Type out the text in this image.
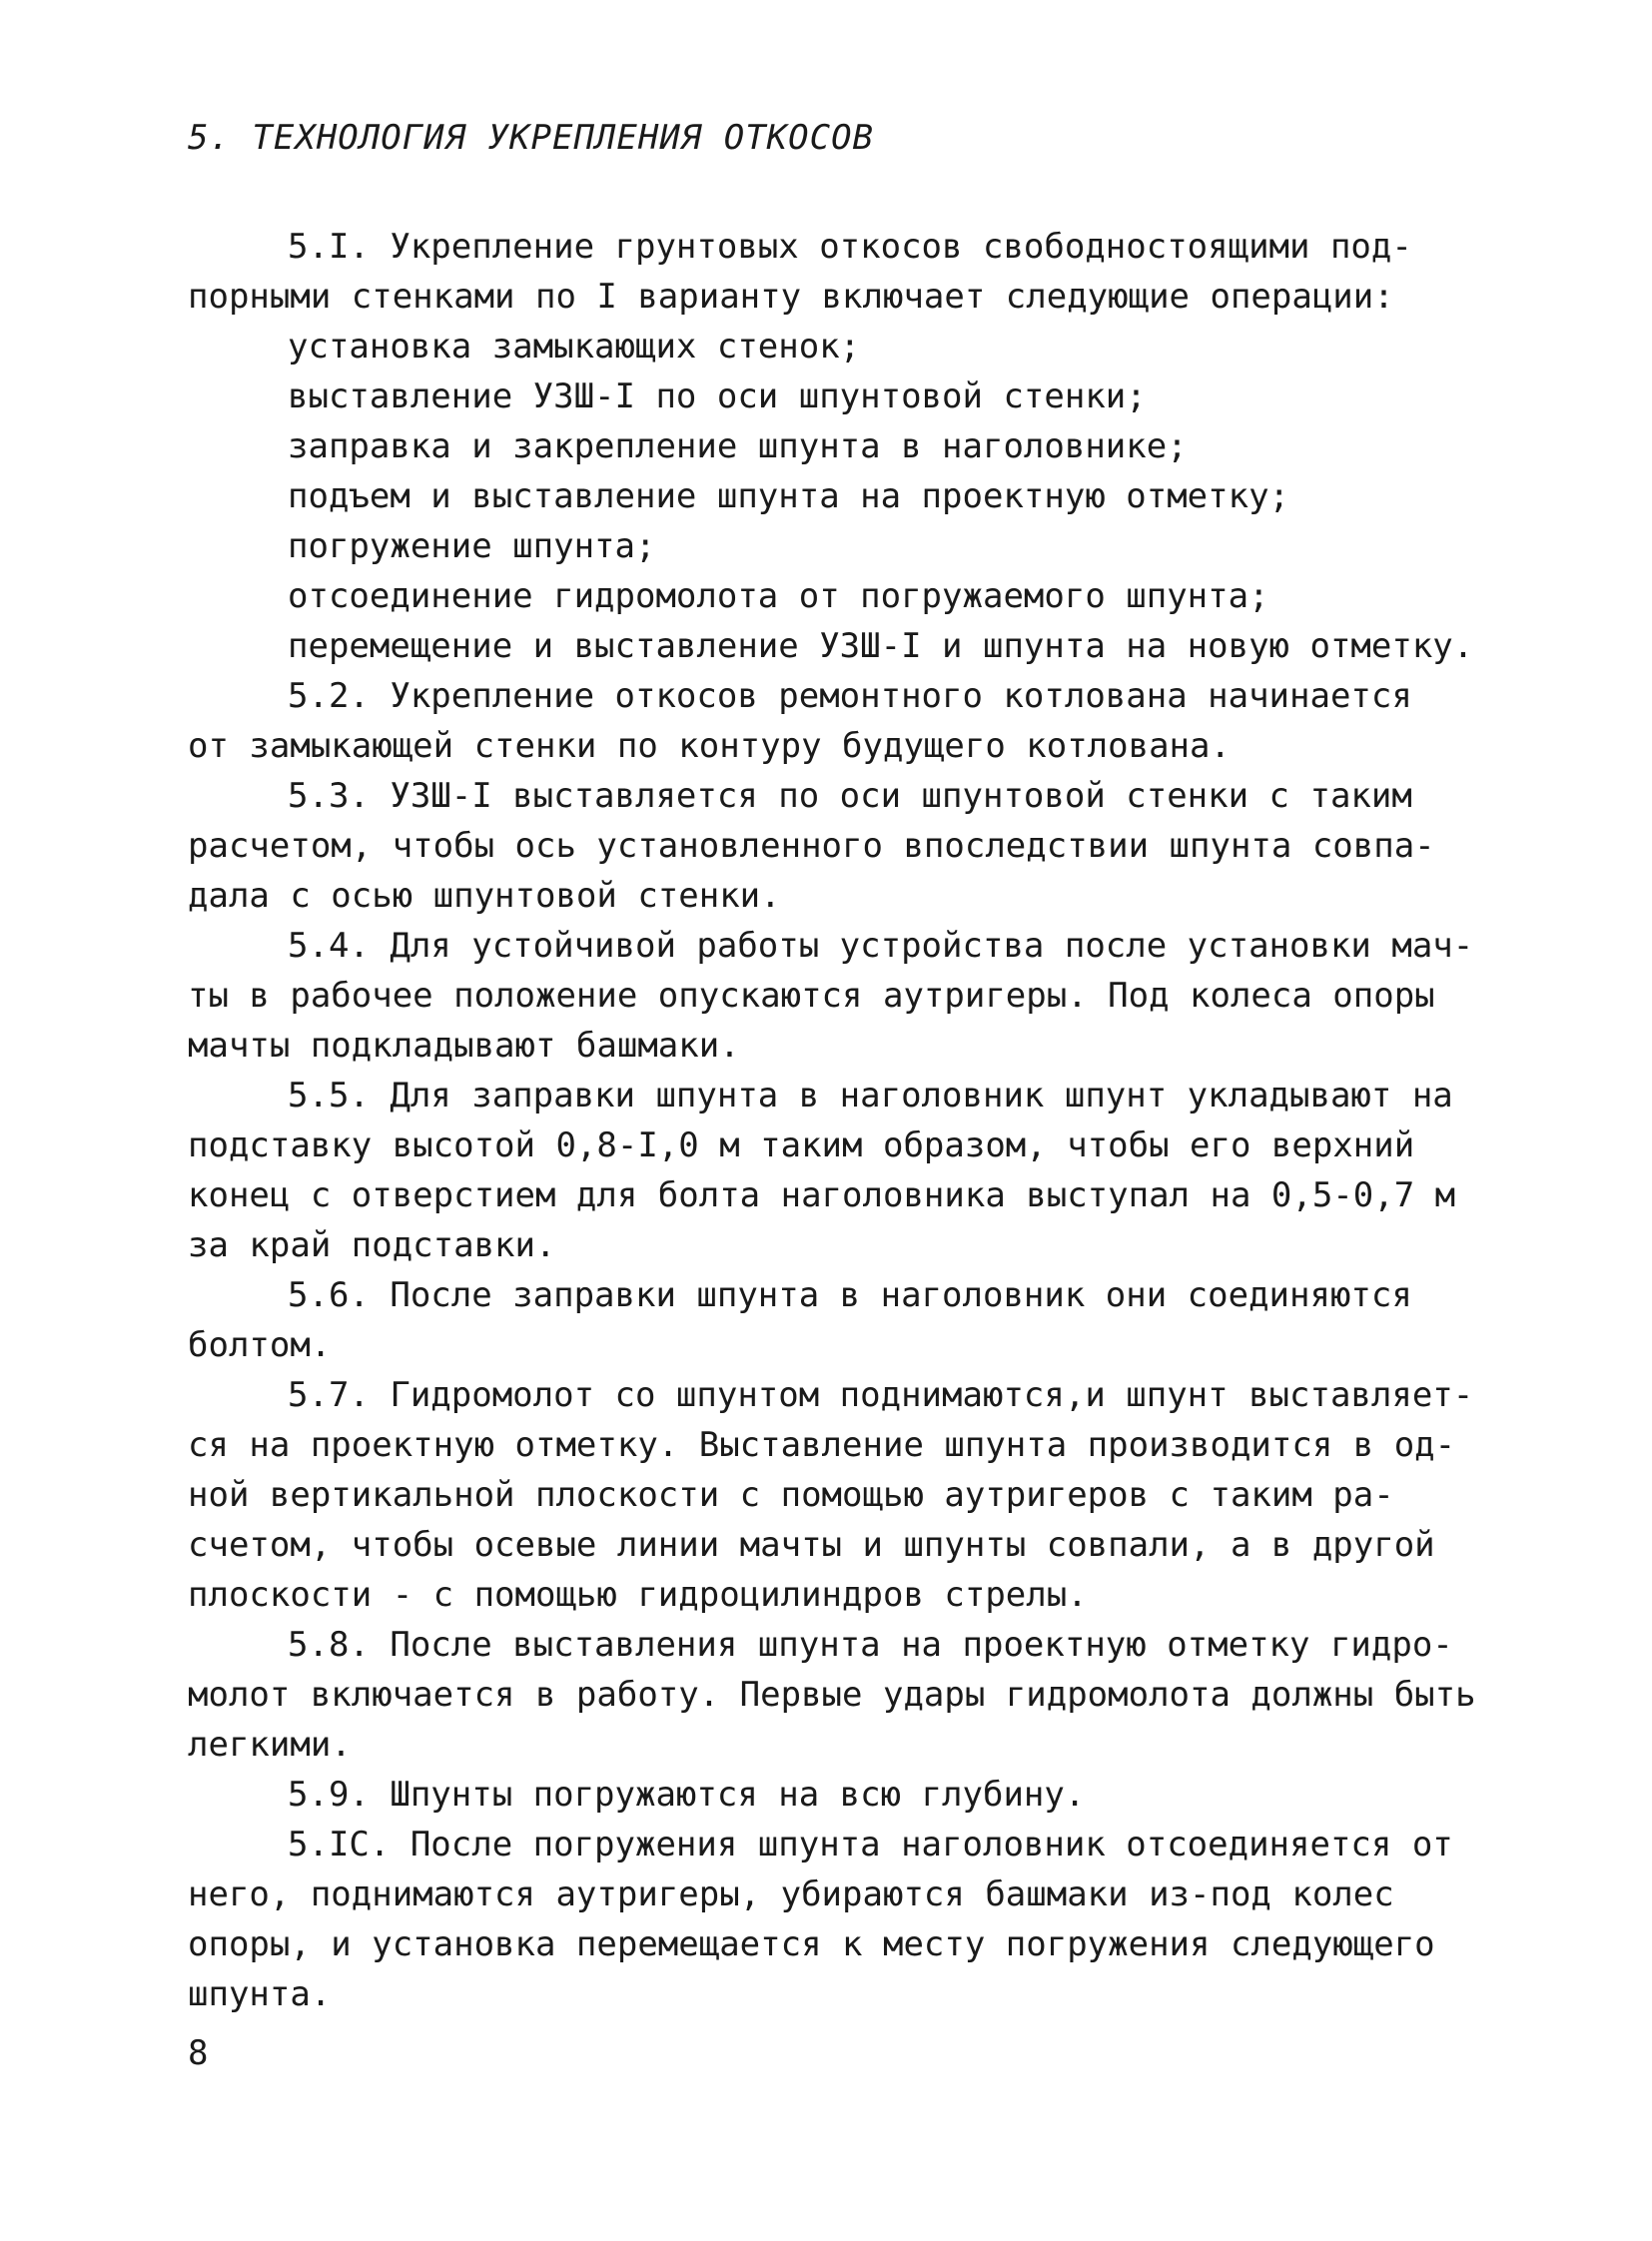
5. ТЕХНОЛОГИЯ УКРЕПЛЕНИЯ ОТКОСОВ
5.I. Укрепление грунтовых откосов свободностоящими под-
порными стенками по I варианту включает следующие операции:
установка замыкающих стенок;
выставление УЗШ-I по оси шпунтовой стенки;
заправка и закрепление шпунта в наголовнике;
подъем и выставление шпунта на проектную отметку;
погружение шпунта;
отсоединение гидромолота от погружаемого шпунта;
перемещение и выставление УЗШ-I и шпунта на новую отметку.
5.2. Укрепление откосов ремонтного котлована начинается
от замыкающей стенки по контуру будущего котлована.
5.3. УЗШ-I выставляется по оси шпунтовой стенки с таким
расчетом, чтобы ось установленного впоследствии шпунта совпа-
дала с осью шпунтовой стенки.
5.4. Для устойчивой работы устройства после установки мач-
ты в рабочее положение опускаются аутригеры. Под колеса опоры
мачты подкладывают башмаки.
5.5. Для заправки шпунта в наголовник шпунт укладывают на
подставку высотой 0,8-I,0 м таким образом, чтобы его верхний
конец с отверстием для болта наголовника выступал на 0,5-0,7 м
за край подставки.
5.6. После заправки шпунта в наголовник они соединяются
болтом.
5.7. Гидромолот со шпунтом поднимаются,и шпунт выставляет-
ся на проектную отметку. Выставление шпунта производится в од-
ной вертикальной плоскости с помощью аутригеров с таким ра-
счетом, чтобы осевые линии мачты и шпунты совпали, а в другой
плоскости - с помощью гидроцилиндров стрелы.
5.8. После выставления шпунта на проектную отметку гидро-
молот включается в работу. Первые удары гидромолота должны быть
легкими.
5.9. Шпунты погружаются на всю глубину.
5.IC. После погружения шпунта наголовник отсоединяется от
него, поднимаются аутригеры, убираются башмаки из-под колес
опоры, и установка перемещается к месту погружения следующего
шпунта.
8
